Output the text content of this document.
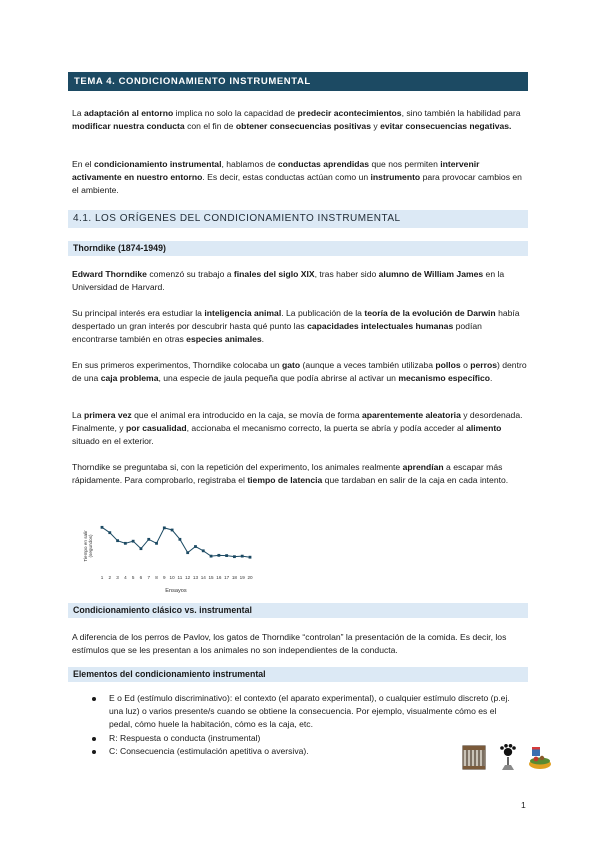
TEMA 4. CONDICIONAMIENTO INSTRUMENTAL

La adaptación al entorno implica no solo la capacidad de predecir acontecimientos, sino también la habilidad para modificar nuestra conducta con el fin de obtener consecuencias positivas y evitar consecuencias negativas.

En el condicionamiento instrumental, hablamos de conductas aprendidas que nos permiten intervenir activamente en nuestro entorno. Es decir, estas conductas actúan como un instrumento para provocar cambios en el ambiente.

4.1. LOS ORÍGENES DEL CONDICIONAMIENTO INSTRUMENTAL
Thorndike (1874-1949)

Edward Thorndike comenzó su trabajo a finales del siglo XIX, tras haber sido alumno de William James en la Universidad de Harvard.

Su principal interés era estudiar la inteligencia animal. La publicación de la teoría de la evolución de Darwin había despertado un gran interés por descubrir hasta qué punto las capacidades intelectuales humanas podían encontrarse también en otras especies animales.

En sus primeros experimentos, Thorndike colocaba un gato (aunque a veces también utilizaba pollos o perros) dentro de una caja problema, una especie de jaula pequeña que podía abrirse al activar un mecanismo específico.

La primera vez que el animal era introducido en la caja, se movía de forma aparentemente aleatoria y desordenada. Finalmente, y por casualidad, accionaba el mecanismo correcto, la puerta se abría y podía acceder al alimento situado en el exterior.

Thorndike se preguntaba si, con la repetición del experimento, los animales realmente aprendían a escapar más rápidamente. Para comprobarlo, registraba el tiempo de latencia que tardaban en salir de la caja en cada intento.

Tiempo en salir
Ensayos
(segundos)
1 2 3 4 5 6 7 8 9 10 11 12 13 14 15 16 17 18 19 20
Condicionamiento clásico vs. instrumental

A diferencia de los perros de Pavlov, los gatos de Thorndike “controlan” la presentación de la comida. Es decir, los estímulos que se les presentan a los animales no son independientes de la conducta.

Elementos del condicionamiento instrumental
E o Ed (estímulo discriminativo): el contexto (el aparato experimental), o cualquier estímulo discreto (p.ej. una luz) o varios presente/s cuando se obtiene la consecuencia. Por ejemplo, visualmente cómo es el pedal, cómo huele la habitación, cómo es la caja, etc.
R: Respuesta o conducta (instrumental)
C: Consecuencia (estimulación apetitiva o aversiva).
1
